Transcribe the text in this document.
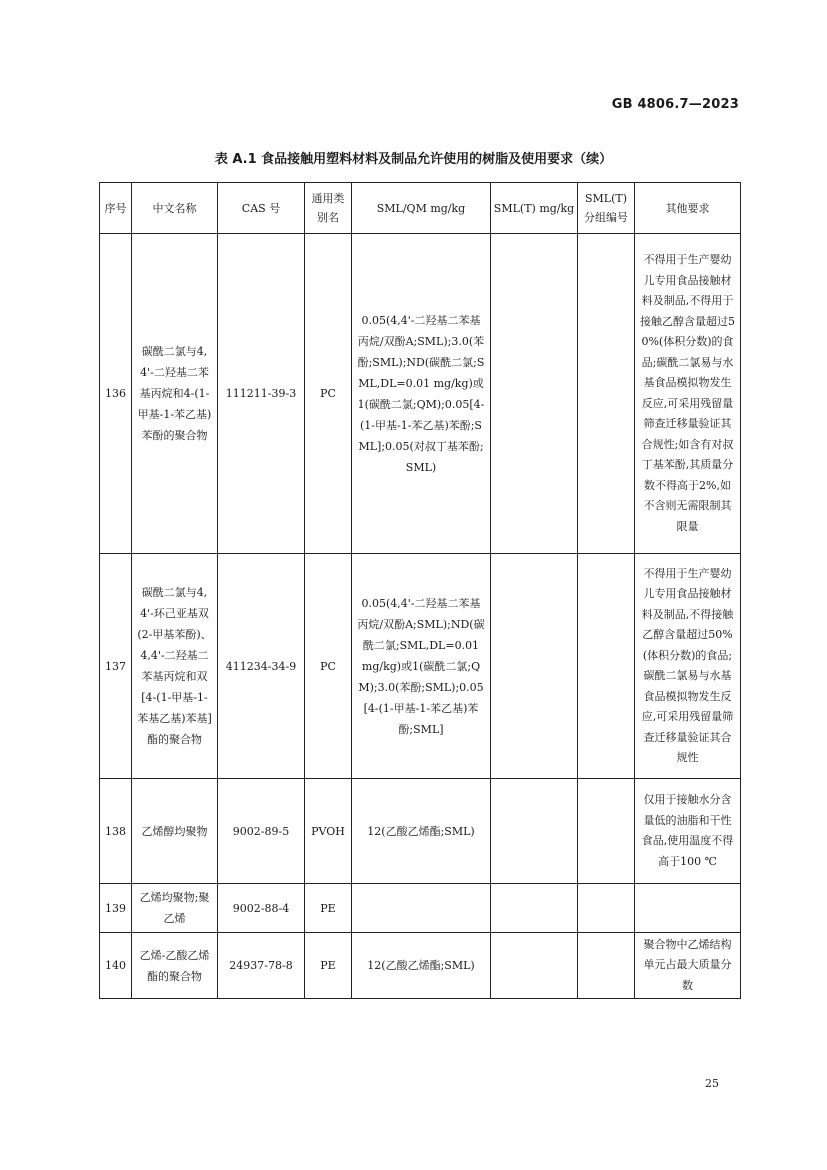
GB 4806.7—2023
表 A.1 食品接触用塑料材料及制品允许使用的树脂及使用要求（续）
序号	中文名称	CAS 号	通用类别名	SML/QM mg/kg	SML(T) mg/kg	SML(T) 分组编号	其他要求
136	碳酰二氯与4,4'-二羟基二苯基丙烷和4-(1-甲基-1-苯乙基)苯酚的聚合物	111211-39-3	PC	0.05(4,4'-二羟基二苯基丙烷/双酚A;SML);3.0(苯酚;SML);ND(碳酰二氯;SML,DL=0.01 mg/kg)或1(碳酰二氯;QM);0.05[4-(1-甲基-1-苯乙基)苯酚;SML];0.05(对叔丁基苯酚;SML)			不得用于生产婴幼儿专用食品接触材料及制品,不得用于接触乙醇含量超过50%(体积分数)的食品;碳酰二氯易与水基食品模拟物发生反应,可采用残留量筛查迁移量验证其合规性;如含有对叔丁基苯酚,其质量分数不得高于2%,如不含则无需限制其限量
137	碳酰二氯与4,4'-环己亚基双(2-甲基苯酚)、4,4'-二羟基二苯基丙烷和双[4-(1-甲基-1-苯基乙基)苯基]酯的聚合物	411234-34-9	PC	0.05(4,4'-二羟基二苯基丙烷/双酚A;SML);ND(碳酰二氯;SML,DL=0.01 mg/kg)或1(碳酰二氯;QM);3.0(苯酚;SML);0.05[4-(1-甲基-1-苯乙基)苯酚;SML]			不得用于生产婴幼儿专用食品接触材料及制品,不得接触乙醇含量超过50%(体积分数)的食品;碳酰二氯易与水基食品模拟物发生反应,可采用残留量筛查迁移量验证其合规性
138	乙烯醇均聚物	9002-89-5	PVOH	12(乙酸乙烯酯;SML)			仅用于接触水分含量低的油脂和干性食品,使用温度不得高于100 ℃
139	乙烯均聚物;聚乙烯	9002-88-4	PE				
140	乙烯-乙酸乙烯酯的聚合物	24937-78-8	PE	12(乙酸乙烯酯;SML)			聚合物中乙烯结构单元占最大质量分数
25
